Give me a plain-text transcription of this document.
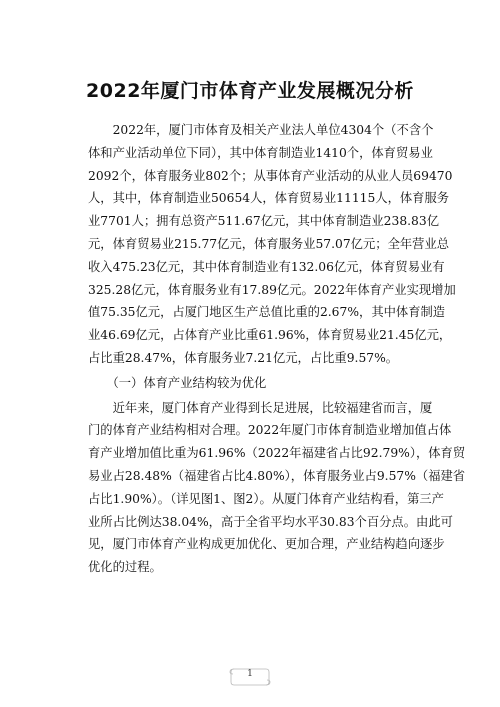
2022年厦门市体育产业发展概况分析
　　2022年，厦门市体育及相关产业法人单位4304个（不含个
体和产业活动单位下同），其中体育制造业1410个，体育贸易业
2092个，体育服务业802个；从事体育产业活动的从业人员69470
人，其中，体育制造业50654人，体育贸易业11115人，体育服务
业7701人；拥有总资产511.67亿元，其中体育制造业238.83亿
元，体育贸易业215.77亿元，体育服务业57.07亿元；全年营业总
收入475.23亿元，其中体育制造业有132.06亿元，体育贸易业有
325.28亿元，体育服务业有17.89亿元。2022年体育产业实现增加
值75.35亿元，占厦门地区生产总值比重的2.67%，其中体育制造
业46.69亿元，占体育产业比重61.96%，体育贸易业21.45亿元，
占比重28.47%，体育服务业7.21亿元，占比重9.57%。
　　（一）体育产业结构较为优化
　　近年来，厦门体育产业得到长足进展，比较福建省而言，厦
门的体育产业结构相对合理。2022年厦门市体育制造业增加值占体
育产业增加值比重为61.96%（2022年福建省占比92.79%），体育贸
易业占28.48%（福建省占比4.80%），体育服务业占9.57%（福建省
占比1.90%）。（详见图1、图2）。从厦门体育产业结构看，第三产
业所占比例达38.04%，高于全省平均水平30.83个百分点。由此可
见，厦门市体育产业构成更加优化、更加合理，产业结构趋向逐步
优化的过程。
1
